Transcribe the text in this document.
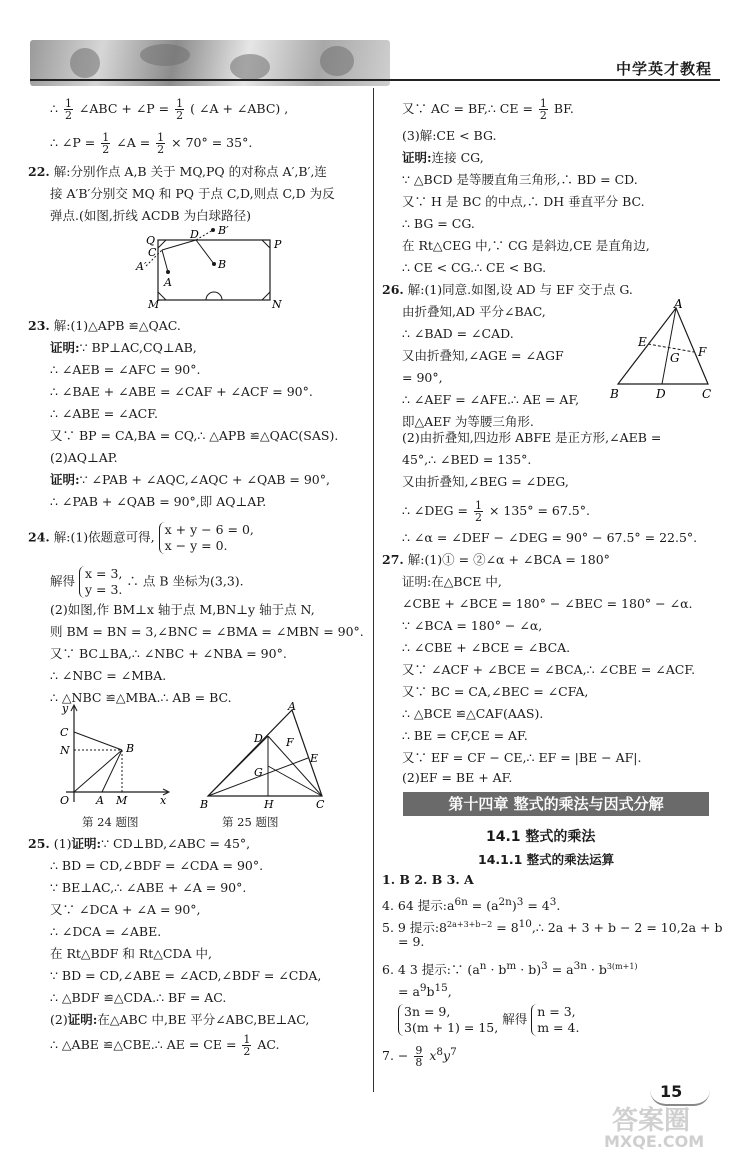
中学英才教程
∴ $\frac{1}{2}$ ∠ABC + ∠P = $\frac{1}{2}$ ( ∠A + ∠ABC) ,
∴ ∠P = $\frac{1}{2}$ ∠A = $\frac{1}{2} \times 70^\circ = 35^\circ$.
22. 解:分别作点 A,B 关于 MQ,PQ 的对称点 A′,B′,连
接 A′B′分别交 MQ 和 PQ 于点 C,D,则点 C,D 为反
弹点.(如图,折线 ACDB 为白球路径)
Q	D B′
P
C
B
A′
A
M	N
23. 解:(1)△APB ≌△QAC.
证明:∵ BP⊥AC,CQ⊥AB,
∴ ∠AEB = ∠AFC = 90°.
∴ ∠BAE + ∠ABE = ∠CAF + ∠ACF = 90°.
∴ ∠ABE = ∠ACF.
又∵ BP = CA,BA = CQ,∴ △APB ≌△QAC(SAS).
(2)AQ⊥AP.
证明:∵ ∠PAB + ∠AQC,∠AQC + ∠QAB = 90°,
∴ ∠PAB + ∠QAB = 90°,即 AQ⊥AP.
24. 解:(1)依题意可得, x + y − 6 = 0,
x − y = 0.
解得 x = 3,
y = 3.
∴ 点 B 坐标为(3,3).
(2)如图,作 BM⊥x 轴于点 M,BN⊥y 轴于点 N,
则 BM = BN = 3,∠BNC = ∠BMA = ∠MBN = 90°.
又∵ BC⊥BA,∴ ∠NBC + ∠NBA = 90°.
∴ ∠NBC = ∠MBA.
∴ △NBC ≌△MBA.∴ AB = BC.
y
C
N	B
O A M	x
第 24 题图
A
D F
E
G
B	H	C
第 25 题图
25. (1)证明:∵ CD⊥BD,∠ABC = 45°,
∴ BD = CD,∠BDF = ∠CDA = 90°.
∵ BE⊥AC,∴ ∠ABE + ∠A = 90°.
又∵ ∠DCA + ∠A = 90°,
∴ ∠DCA = ∠ABE.
在 Rt△BDF 和 Rt△CDA 中,
∵ BD = CD,∠ABE = ∠ACD,∠BDF = ∠CDA,
∴ △BDF ≌△CDA.∴ BF = AC.
(2)证明:在△ABC 中,BE 平分∠ABC,BE⊥AC,
∴ △ABE ≌△CBE.∴ AE = CE = $\frac{1}{2}$ AC.
又∵ AC = BF,∴ CE = $\frac{1}{2}$ BF.
(3)解:CE < BG.
证明:连接 CG,
∵ △BCD 是等腰直角三角形,∴ BD = CD.
又∵ H 是 BC 的中点,∴ DH 垂直平分 BC.
∴ BG = CG.
在 Rt△CEG 中,∵ CG 是斜边,CE 是直角边,
∴ CE < CG.∴ CE < BG.
26. 解:(1)同意.如图,设 AD 与 EF 交于点 G.
由折叠知,AD 平分∠BAC,
∴ ∠BAD = ∠CAD.
又由折叠知,∠AGE = ∠AGF
= 90°,
∴ ∠AEF = ∠AFE.∴ AE = AF,
即△AEF 为等腰三角形.
A
E
G F
B	D	C
(2)由折叠知,四边形 ABFE 是正方形,∠AEB =
45°,∴ ∠BED = 135°.
又由折叠知,∠BEG = ∠DEG,
∴ ∠DEG = $\frac{1}{2} \times 135^\circ = 67.5^\circ$.
∴ ∠α = ∠DEF − ∠DEG = 90° − 67.5° = 22.5°.
27. 解:(1)① = ②∠α + ∠BCA = 180°
证明:在△BCE 中,
∠CBE + ∠BCE = 180° − ∠BEC = 180° − ∠α.
∵ ∠BCA = 180° − ∠α,
∴ ∠CBE + ∠BCE = ∠BCA.
又∵ ∠ACF + ∠BCE = ∠BCA,∴ ∠CBE = ∠ACF.
又∵ BC = CA,∠BEC = ∠CFA,
∴ △BCE ≌△CAF(AAS).
∴ BE = CF,CE = AF.
又∵ EF = CF − CE,∴ EF = |BE − AF|.
(2)EF = BE + AF.
第十四章 整式的乘法与因式分解
14.1 整式的乘法
14.1.1 整式的乘法运算
1. B 2. B 3. A
4. 64 提示$:a^{6n} = (a^{2n})^3 = 4^3$.
5. 9 提示$:8^{2a+3+b-2}$ = $8^{10},\therefore$ 2a + 3 + b − 2 = 10,2a + b
= 9.
6. 4 3 提示:∵ $(a^n \cdot b^m \cdot b)^3 = a^{3n} \cdot b^{3(m+1)}$
= $a^9b^{15}$,
3n = 9,
3(m + 1) = 15,
解得 n = 3,
m = 4.
7. − $\frac{9}{8} x^8y^7$
15
答案圈
MXQE.COM
